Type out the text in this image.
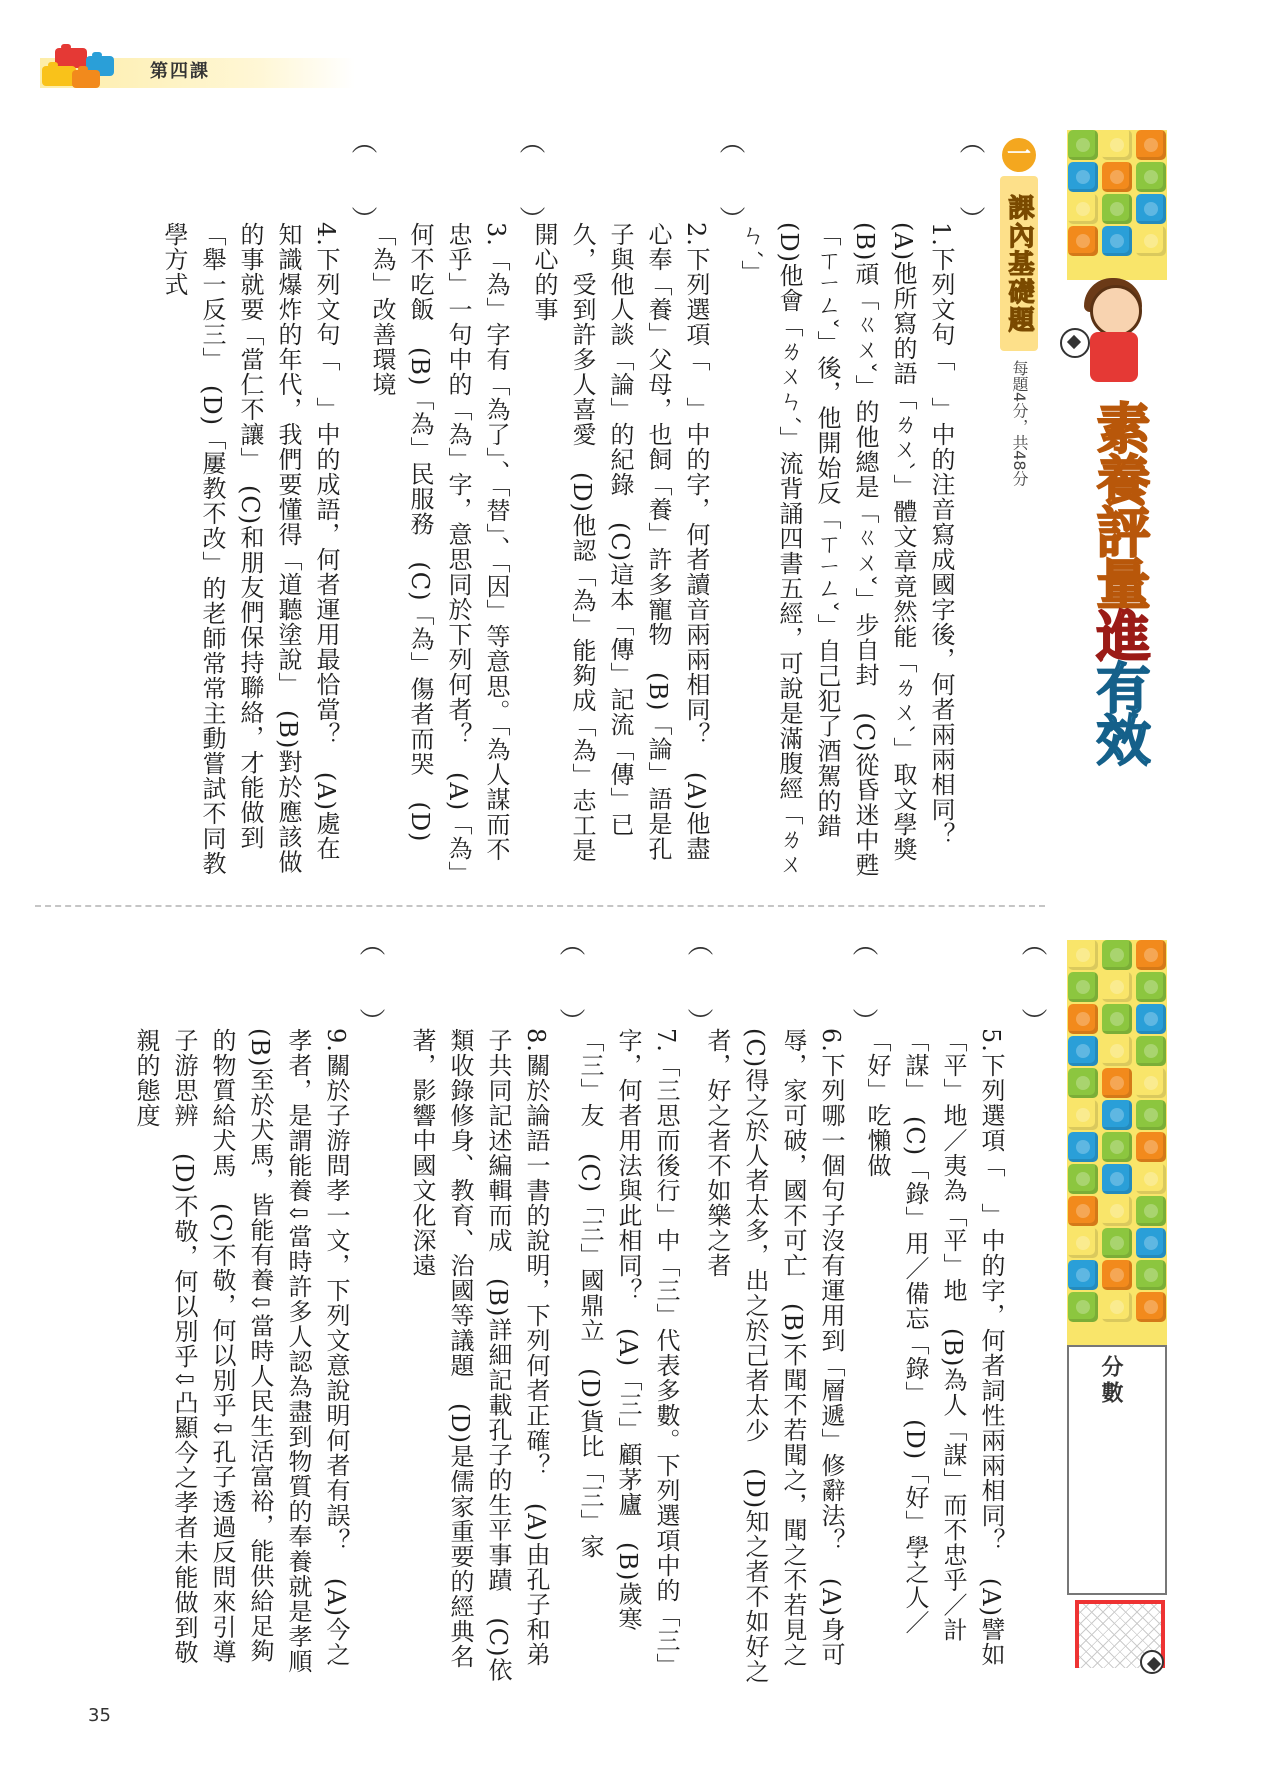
第四課
素養評量進有效
分數
一
課內基礎題
每題4分，共48分
（　　）
1.下列文句「　」中的注音寫成國字後，何者兩兩相同？　(A)他所寫的語「ㄌㄨˋ」體文章竟然能「ㄌㄨˋ」取文學獎　(B)頑「ㄍㄨˇ」的他總是「ㄍㄨˇ」步自封　(C)從昏迷中甦「ㄒㄧㄥˇ」後，他開始反「ㄒㄧㄥˇ」自己犯了酒駕的錯　(D)他會「ㄌㄨㄣˊ」流背誦四書五經，可說是滿腹經「ㄌㄨㄣˊ」
（　　）
2.下列選項「　」中的字，何者讀音兩兩相同？　(A)他盡心奉「養」父母，也飼「養」許多寵物　(B)「論」語是孔子與他人談「論」的紀錄　(C)這本「傳」記流「傳」已久，受到許多人喜愛　(D)他認「為」能夠成「為」志工是開心的事
（　　）
3.「為」字有「為了」、「替」、「因」等意思。「為人謀而不忠乎」一句中的「為」字，意思同於下列何者？　(A)「為」何不吃飯　(B)「為」民服務　(C)「為」傷者而哭　(D)「為」改善環境
（　　）
4.下列文句「　」中的成語，何者運用最恰當？　(A)處在知識爆炸的年代，我們要懂得「道聽塗說」　(B)對於應該做的事就要「當仁不讓」　(C)和朋友們保持聯絡，才能做到「舉一反三」　(D)「屢教不改」的老師常常主動嘗試不同教學方式
（　　）
5.下列選項「　」中的字，何者詞性兩兩相同？　(A)譬如「平」地／夷為「平」地　(B)為人「謀」而不忠乎／計「謀」　(C)「錄」用／備忘「錄」　(D)「好」學之人／「好」吃懶做
（　　）
6.下列哪一個句子沒有運用到「層遞」修辭法？　(A)身可辱，家可破，國不可亡　(B)不聞不若聞之，聞之不若見之　(C)得之於人者太多，出之於己者太少　(D)知之者不如好之者，好之者不如樂之者
（　　）
7.「三思而後行」中「三」代表多數。下列選項中的「三」字，何者用法與此相同？　(A)「三」顧茅廬　(B)歲寒「三」友　(C)「三」國鼎立　(D)貨比「三」家
（　　）
8.關於論語一書的說明，下列何者正確？　(A)由孔子和弟子共同記述編輯而成　(B)詳細記載孔子的生平事蹟　(C)依類收錄修身、教育、治國等議題　(D)是儒家重要的經典名著，影響中國文化深遠
（　　）
9.關於子游問孝一文，下列文意說明何者有誤？　(A)今之孝者，是謂能養⇩當時許多人認為盡到物質的奉養就是孝順　(B)至於犬馬，皆能有養⇩當時人民生活富裕，能供給足夠的物質給犬馬　(C)不敬，何以別乎⇩孔子透過反問來引導子游思辨　(D)不敬，何以別乎⇩凸顯今之孝者未能做到敬親的態度
35
